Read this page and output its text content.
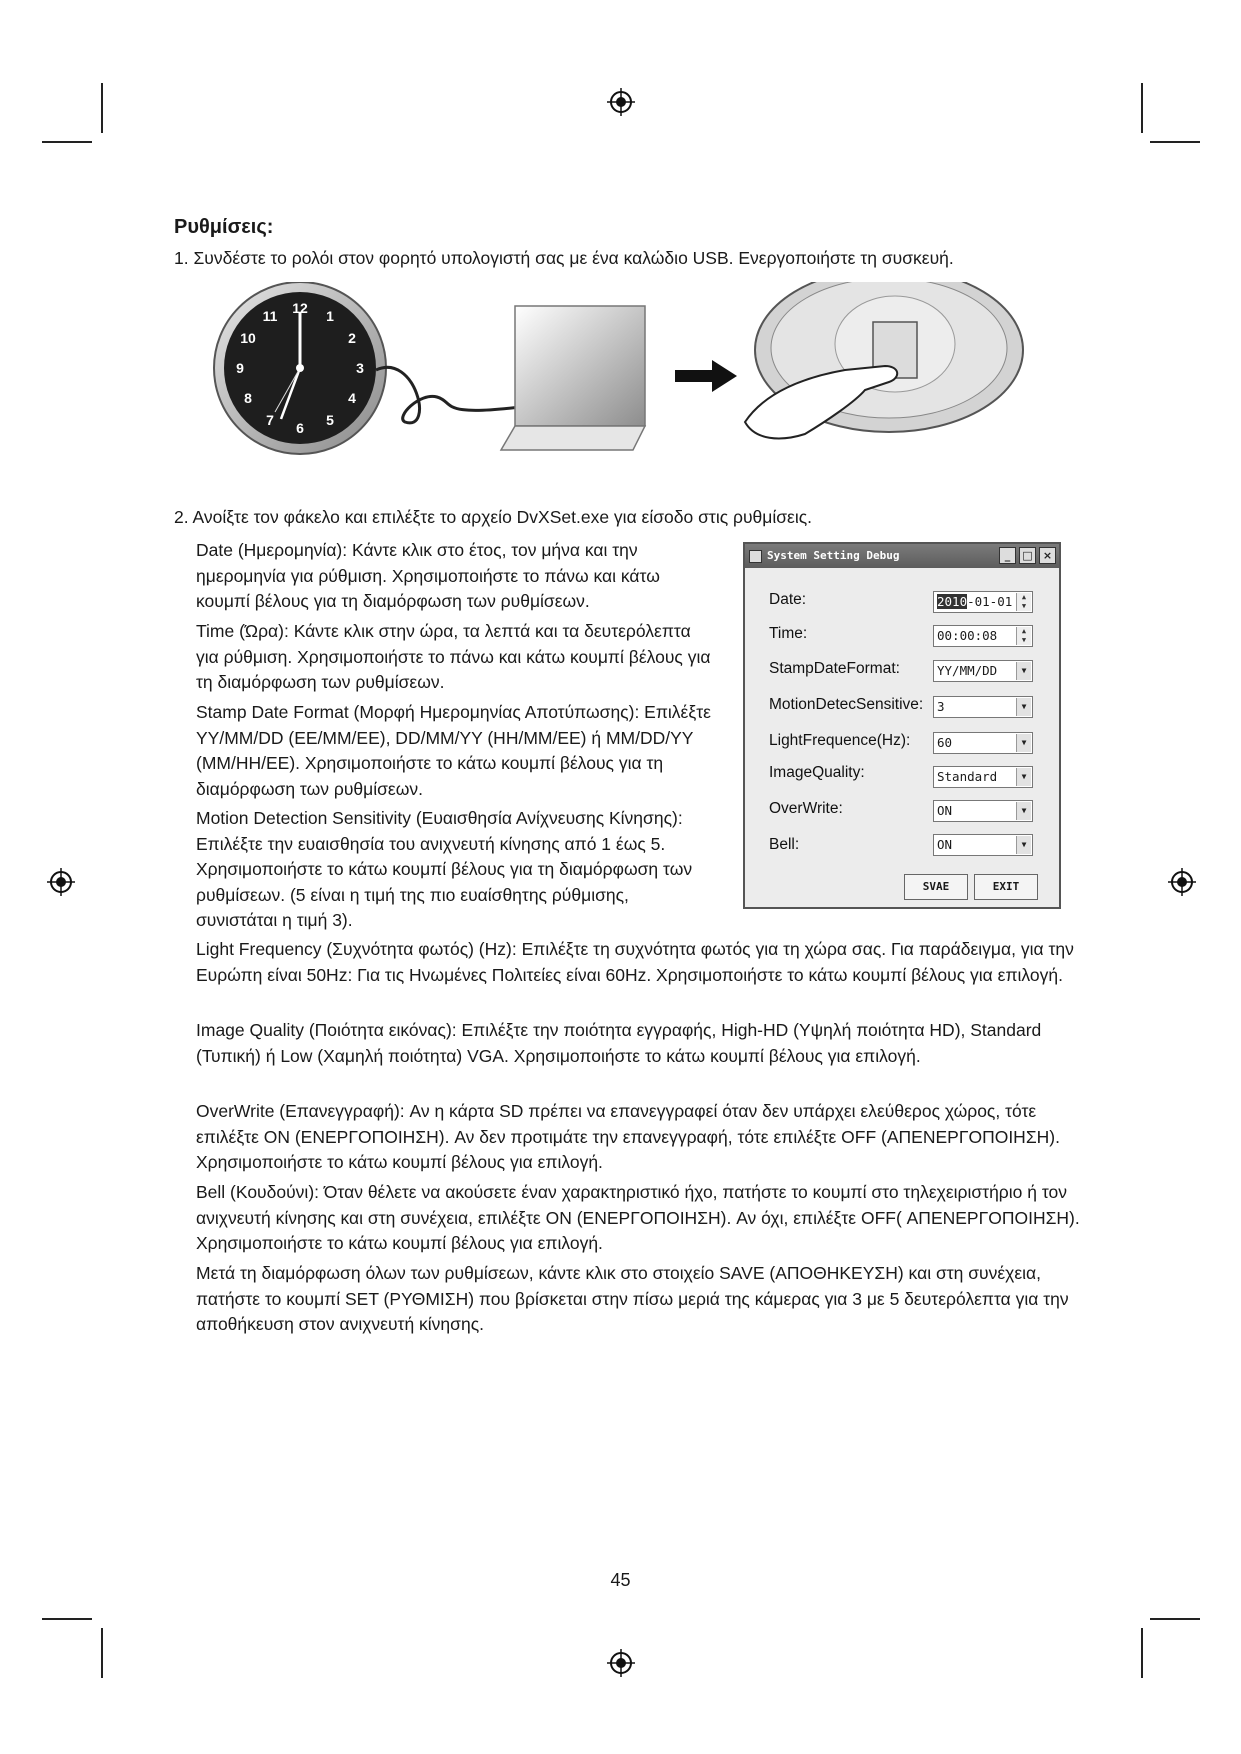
Ρυθμίσεις:
1. Συνδέστε το ρολόι στον φορητό υπολογιστή σας με ένα καλώδιο USB. Ενεργοποιήστε τη συσκευή.
12 1
2
3
4
5
6
7
8
9
10
11
2. Ανοίξτε τον φάκελο και επιλέξτε το αρχείο DvXSet.exe για είσοδο στις ρυθμίσεις.
System Setting Debug	_	□ ×
Date:	2010-01-01	▲
▼
Time:	00:00:08	▲
▼
StampDateFormat:	YY/MM/DD	▼
MotionDetecSensitive:	3	▼
LightFrequence(Hz):	60	▼
ImageQuality:	Standard	▼
OverWrite:	ON	▼
Bell:	ON	▼
SVAE	EXIT

Date (Ημερομηνία): Κάντε κλικ στο έτος, τον μήνα και την ημερομηνία για ρύθμιση. Χρησιμοποιήστε το πάνω και κάτω κουμπί βέλους για τη διαμόρφωση των ρυθμίσεων.

Time (Ώρα): Κάντε κλικ στην ώρα, τα λεπτά και τα δευτερόλεπτα για ρύθμιση. Χρησιμοποιήστε το πάνω και κάτω κουμπί βέλους για τη διαμόρφωση των ρυθμίσεων.

Stamp Date Format (Μορφή Ημερομηνίας Αποτύπωσης): Επιλέξτε YY/MM/DD (EE/MM/EE), DD/MM/YY (HH/MM/EE) ή MM/DD/YY (MM/HH/EE). Χρησιμοποιήστε το κάτω κουμπί βέλους για τη διαμόρφωση των ρυθμίσεων.

Motion Detection Sensitivity (Ευαισθησία Ανίχνευσης Κίνησης): Επιλέξτε την ευαισθησία του ανιχνευτή κίνησης από 1 έως 5. Χρησιμοποιήστε το κάτω κουμπί βέλους για τη διαμόρφωση των ρυθμίσεων. (5 είναι η τιμή της πιο ευαίσθητης ρύθμισης, συνιστάται η τιμή 3).

Light Frequency (Συχνότητα φωτός) (Hz): Επιλέξτε τη συχνότητα φωτός για τη χώρα σας. Για παράδειγμα, για την Ευρώπη είναι 50Hz: Για τις Ηνωμένες Πολιτείες είναι 60Hz. Χρησιμοποιήστε το κάτω κουμπί βέλους για επιλογή.

Image Quality (Ποιότητα εικόνας): Επιλέξτε την ποιότητα εγγραφής, High-HD (Υψηλή ποιότητα HD), Standard (Τυπική) ή Low (Χαμηλή ποιότητα) VGA. Χρησιμοποιήστε το κάτω κουμπί βέλους για επιλογή.

OverWrite (Επανεγγραφή): Αν η κάρτα SD πρέπει να επανεγγραφεί όταν δεν υπάρχει ελεύθερος χώρος, τότε επιλέξτε ON (ΕΝΕΡΓΟΠΟΙΗΣΗ). Αν δεν προτιμάτε την επανεγγραφή, τότε επιλέξτε OFF (ΑΠΕΝΕΡΓΟΠΟΙΗΣΗ). Χρησιμοποιήστε το κάτω κουμπί βέλους για επιλογή.

Bell (Κουδούνι): Όταν θέλετε να ακούσετε έναν χαρακτηριστικό ήχο, πατήστε το κουμπί στο τηλεχειριστήριο ή τον ανιχνευτή κίνησης και στη συνέχεια, επιλέξτε ON (ΕΝΕΡΓΟΠΟΙΗΣΗ). Αν όχι, επιλέξτε OFF( ΑΠΕΝΕΡΓΟΠΟΙΗΣΗ). Χρησιμοποιήστε το κάτω κουμπί βέλους για επιλογή.

Μετά τη διαμόρφωση όλων των ρυθμίσεων, κάντε κλικ στο στοιχείο SAVE (ΑΠΟΘΗΚΕΥΣΗ) και στη συνέχεια, πατήστε το κουμπί SET (ΡΥΘΜΙΣΗ) που βρίσκεται στην πίσω μεριά της κάμερας για 3 με 5 δευτερόλεπτα για την αποθήκευση στον ανιχνευτή κίνησης.

45
